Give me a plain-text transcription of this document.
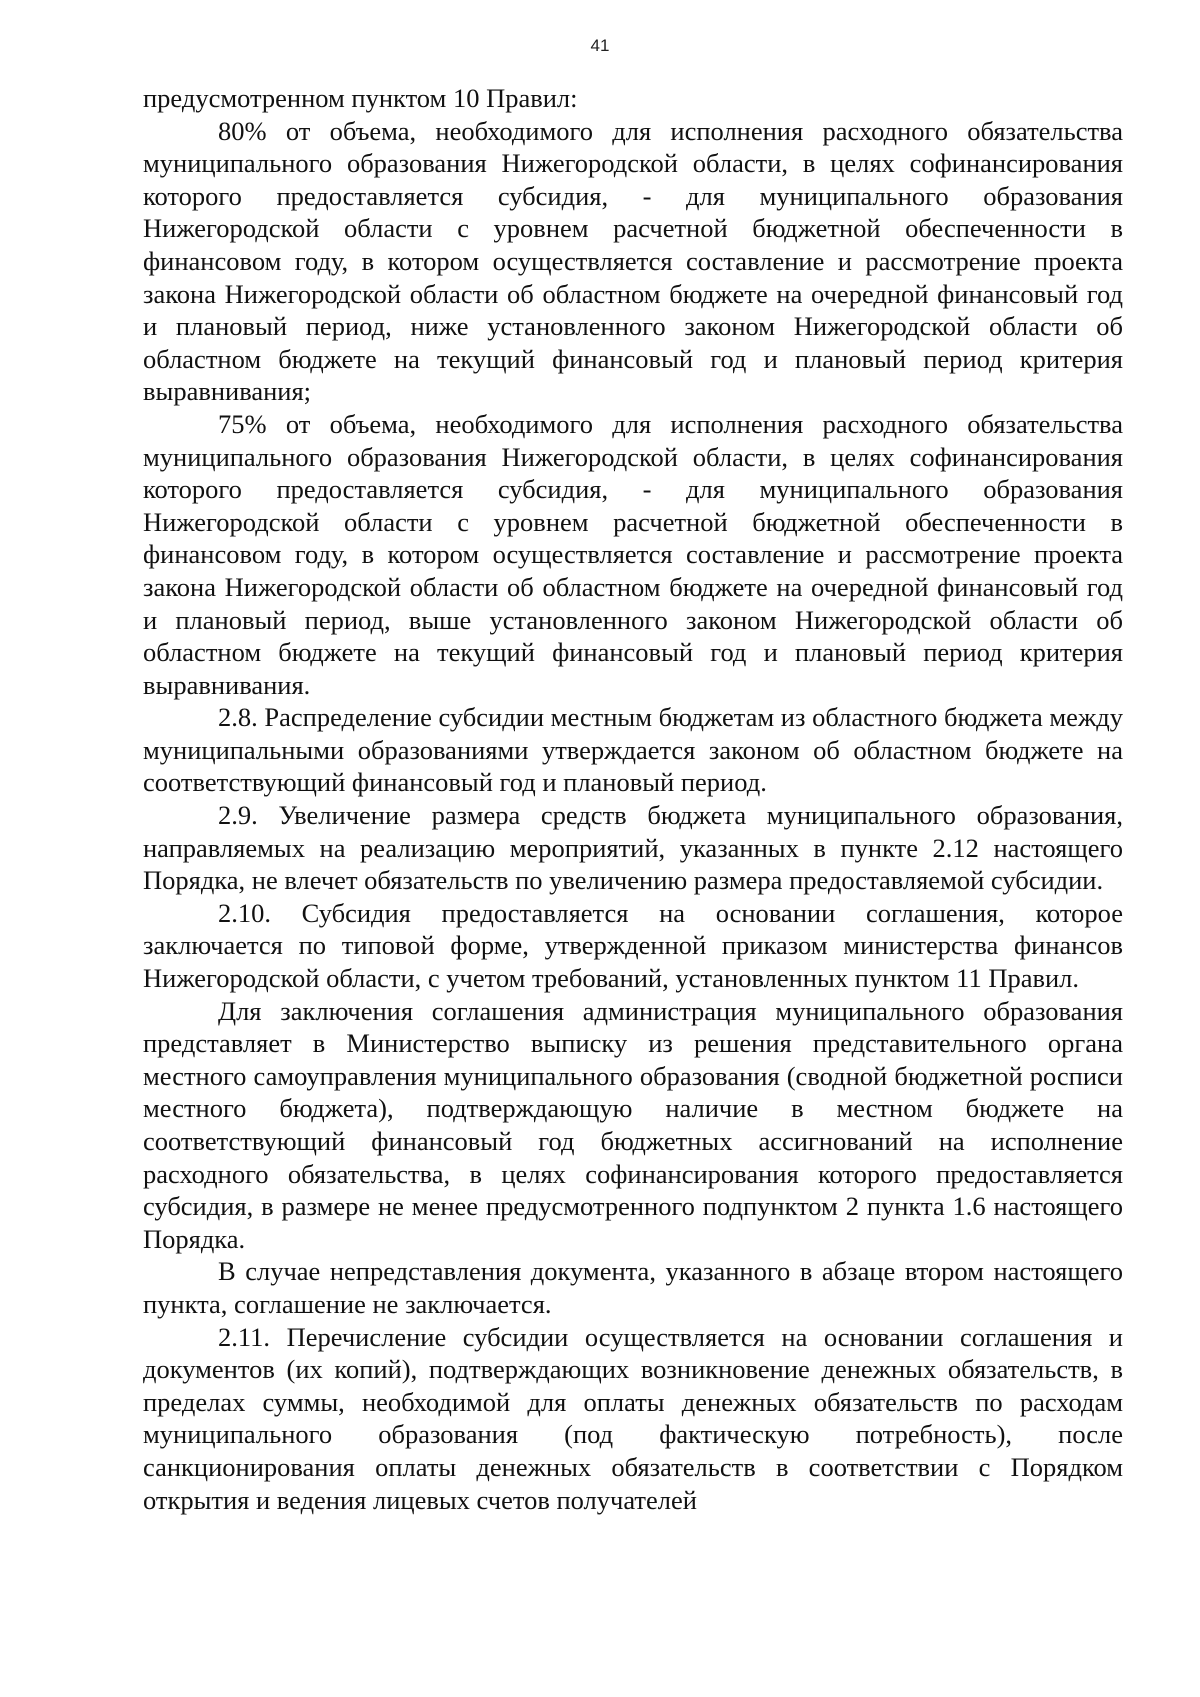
41

предусмотренном пунктом 10 Правил:

80% от объема, необходимого для исполнения расходного обязательства муниципального образования Нижегородской области, в целях софинансирования которого предоставляется субсидия, - для муниципального образования Нижегородской области с уровнем расчетной бюджетной обеспеченности в финансовом году, в котором осуществляется составление и рассмотрение проекта закона Нижегородской области об областном бюджете на очередной финансовый год и плановый период, ниже установленного законом Нижегородской области об областном бюджете на текущий финансовый год и плановый период критерия выравнивания;

75% от объема, необходимого для исполнения расходного обязательства муниципального образования Нижегородской области, в целях софинансирования которого предоставляется субсидия, - для муниципального образования Нижегородской области с уровнем расчетной бюджетной обеспеченности в финансовом году, в котором осуществляется составление и рассмотрение проекта закона Нижегородской области об областном бюджете на очередной финансовый год и плановый период, выше установленного законом Нижегородской области об областном бюджете на текущий финансовый год и плановый период критерия выравнивания.

2.8. Распределение субсидии местным бюджетам из областного бюджета между муниципальными образованиями утверждается законом об областном бюджете на соответствующий финансовый год и плановый период.

2.9. Увеличение размера средств бюджета муниципального образования, направляемых на реализацию мероприятий, указанных в пункте 2.12 настоящего Порядка, не влечет обязательств по увеличению размера предоставляемой субсидии.

2.10. Субсидия предоставляется на основании соглашения, которое заключается по типовой форме, утвержденной приказом министерства финансов Нижегородской области, с учетом требований, установленных пунктом 11 Правил.

Для заключения соглашения администрация муниципального образования представляет в Министерство выписку из решения представительного органа местного самоуправления муниципального образования (сводной бюджетной росписи местного бюджета), подтверждающую наличие в местном бюджете на соответствующий финансовый год бюджетных ассигнований на исполнение расходного обязательства, в целях софинансирования которого предоставляется субсидия, в размере не менее предусмотренного подпунктом 2 пункта 1.6 настоящего Порядка.

В случае непредставления документа, указанного в абзаце втором настоящего пункта, соглашение не заключается.

2.11. Перечисление субсидии осуществляется на основании соглашения и документов (их копий), подтверждающих возникновение денежных обязательств, в пределах суммы, необходимой для оплаты денежных обязательств по расходам муниципального образования (под фактическую потребность), после санкционирования оплаты денежных обязательств в соответствии с Порядком открытия и ведения лицевых счетов получателей
